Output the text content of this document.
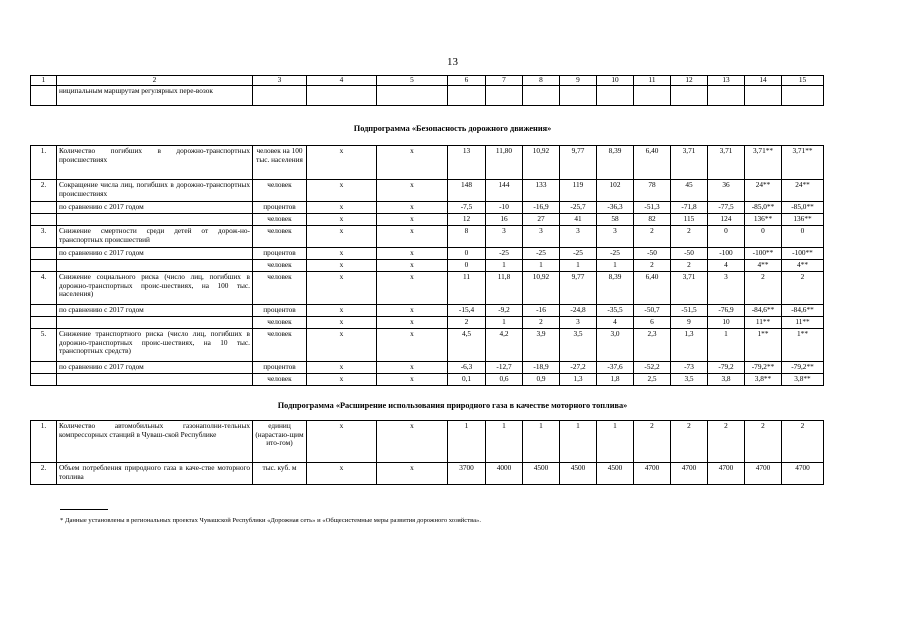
13
1	2	3	4	5	6	7	8	9	10	11	12	13	14	15
	ниципальным маршрутам регулярных пере-возок													
Подпрограмма «Безопасность дорожного движения»
1.	Количество погибших в дорожно-транспортных происшествиях	человек на 100 тыс. населения	х	х	13	11,80	10,92	9,77	8,39	6,40	3,71	3,71	3,71**	3,71**
2.	Сокращение числа лиц, погибших в дорожно-транспортных происшествиях	человек	х	х	148	144	133	119	102	78	45	36	24**	24**
	по сравнению с 2017 годом	процентов	х	х	-7,5	-10	-16,9	-25,7	-36,3	-51,3	-71,8	-77,5	-85,0**	-85,0**
		человек	х	х	12	16	27	41	58	82	115	124	136**	136**
3.	Снижение смертности среди детей от дорож-но-транспортных происшествий	человек	х	х	8	3	3	3	3	2	2	0	0	0
	по сравнению с 2017 годом	процентов	х	х	0	-25	-25	-25	-25	-50	-50	-100	-100**	-100**
		человек	х	х	0	1	1	1	1	2	2	4	4**	4**
4.	Снижение социального риска (число лиц, погибших в дорожно-транспортных проис-шествиях, на 100 тыс. населения)	человек	х	х	11	11,8	10,92	9,77	8,39	6,40	3,71	3	2	2
	по сравнению с 2017 годом	процентов	х	х	-15,4	-9,2	-16	-24,8	-35,5	-50,7	-51,5	-76,9	-84,6**	-84,6**
		человек	х	х	2	1	2	3	4	6	9	10	11**	11**
5.	Снижение транспортного риска (число лиц, погибших в дорожно-транспортных проис-шествиях, на 10 тыс. транспортных средств)	человек	х	х	4,5	4,2	3,9	3,5	3,0	2,3	1,3	1	1**	1**
	по сравнению с 2017 годом	процентов	х	х	-6,3	-12,7	-18,9	-27,2	-37,6	-52,2	-73	-79,2	-79,2**	-79,2**
		человек	х	х	0,1	0,6	0,9	1,3	1,8	2,5	3,5	3,8	3,8**	3,8**
Подпрограмма «Расширение использования природного газа в качестве моторного топлива»
1.	Количество автомобильных газонаполни-тельных компрессорных станций в Чуваш-ской Республике	единиц (нарастаю-щим ито-гом)	х	х	1	1	1	1	1	2	2	2	2	2
2.	Объем потребления природного газа в каче-стве моторного топлива	тыс. куб. м	х	х	3700	4000	4500	4500	4500	4700	4700	4700	4700	4700
* Данные установлены в региональных проектах Чувашской Республики «Дорожная сеть» и «Общесистемные меры развития дорожного хозяйства».
